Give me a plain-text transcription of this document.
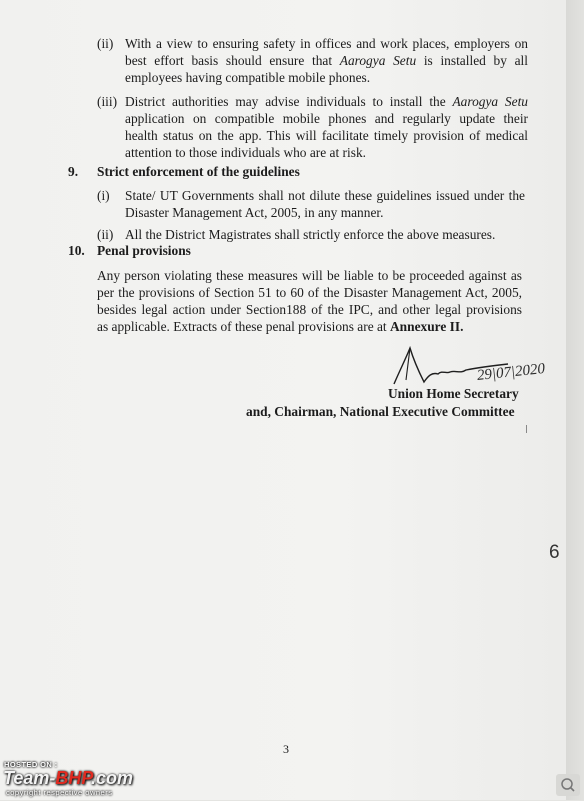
(ii) With a view to ensuring safety in offices and work places, employers on
best effort basis should ensure that Aarogya Setu is installed by all
employees having compatible mobile phones.
(iii) District authorities may advise individuals to install the Aarogya Setu
application on compatible mobile phones and regularly update their
health status on the app. This will facilitate timely provision of medical
attention to those individuals who are at risk.
9. Strict enforcement of the guidelines
(i) State/ UT Governments shall not dilute these guidelines issued under the
Disaster Management Act, 2005, in any manner.
(ii) All the District Magistrates shall strictly enforce the above measures.
10. Penal provisions
Any person violating these measures will be liable to be proceeded against as
per the provisions of Section 51 to 60 of the Disaster Management Act, 2005,
besides legal action under Section188 of the IPC, and other legal provisions
as applicable. Extracts of these penal provisions are at Annexure II.
29|07|2020
Union Home Secretary
and, Chairman, National Executive Committee
6
3
HOSTED ON :
Team-BHP.com
copyright respective owners
